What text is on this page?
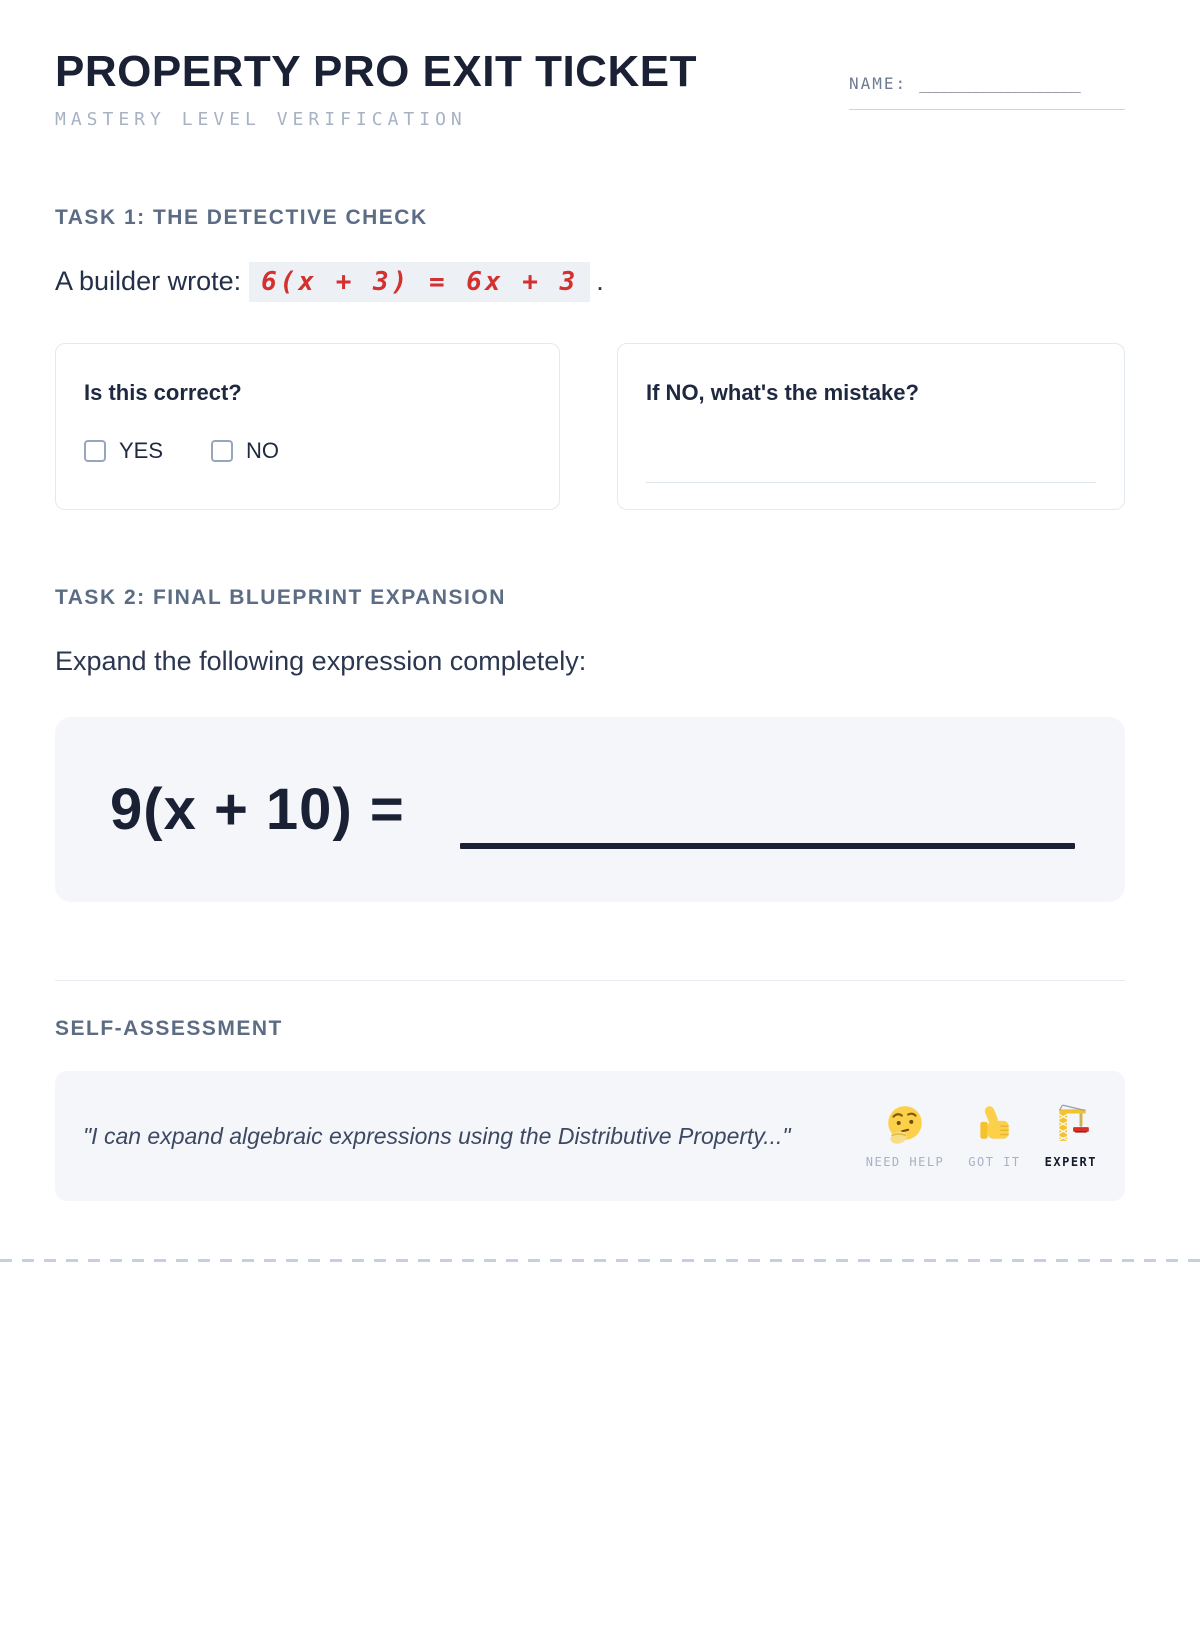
PROPERTY PRO EXIT TICKET
MASTERY LEVEL VERIFICATION
NAME: ____________________
TASK 1: THE DETECTIVE CHECK

A builder wrote: 6(x + 3) = 6x + 3 .

Is this correct?
YES	NO
If NO, what's the mistake?
TASK 2: FINAL BLUEPRINT EXPANSION

Expand the following expression completely:

9(x + 10) =
SELF-ASSESSMENT
"I can expand algebraic expressions using the Distributive Property..."
NEED HELP GOT IT EXPERT
